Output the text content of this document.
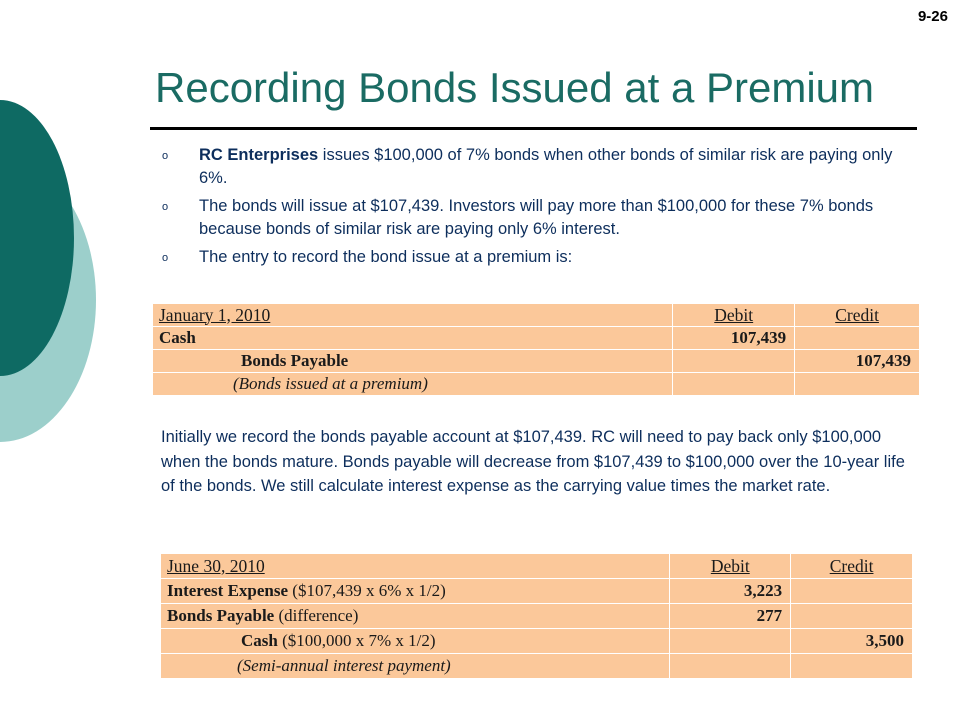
9-26
Recording Bonds Issued at a Premium
o RC Enterprises issues $100,000 of 7% bonds when other bonds of similar risk are paying only 6%.
o The bonds will issue at $107,439. Investors will pay more than $100,000 for these 7% bonds because bonds of similar risk are paying only 6% interest.
o The entry to record the bond issue at a premium is:
January 1, 2010	Debit	Credit
Cash	107,439	
Bonds Payable		107,439
(Bonds issued at a premium)		

Initially we record the bonds payable account at $107,439. RC will need to pay back only $100,000 when the bonds mature. Bonds payable will decrease from $107,439 to $100,000 over the 10-year life of the bonds. We still calculate interest expense as the carrying value times the market rate.

June 30, 2010	Debit	Credit
Interest Expense ($107,439 x 6% x 1/2)	3,223	
Bonds Payable (difference)	277	
Cash ($100,000 x 7% x 1/2)		3,500
(Semi-annual interest payment)		
